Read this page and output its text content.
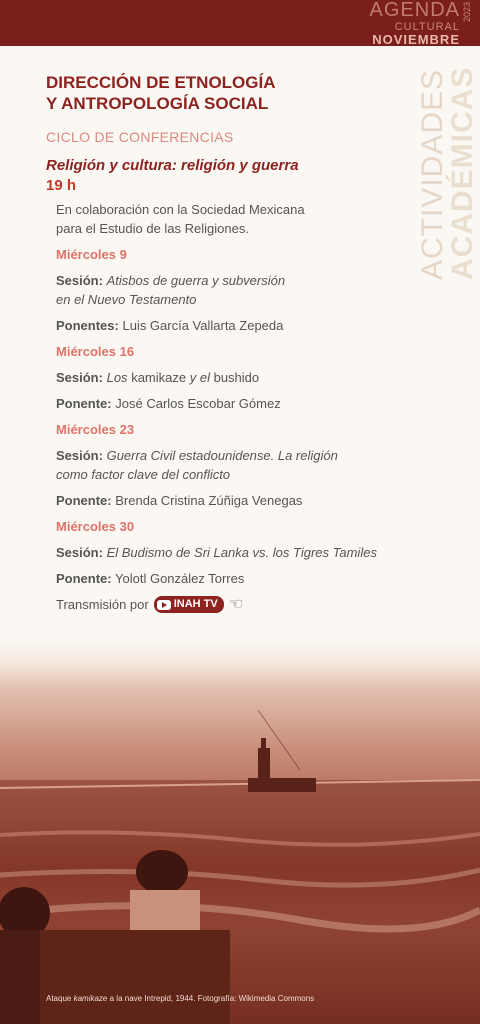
AGENDA
CULTURAL
NOVIEMBRE
2023
ACTIVIDADES ACADÉMICAS
DIRECCIÓN DE ETNOLOGÍA
Y ANTROPOLOGÍA SOCIAL
CICLO DE CONFERENCIAS
Religión y cultura: religión y guerra
19 h
En colaboración con la Sociedad Mexicana
para el Estudio de las Religiones.
Miércoles 9
Sesión: Atisbos de guerra y subversión
en el Nuevo Testamento
Ponentes: Luis García Vallarta Zepeda
Miércoles 16
Sesión: Los kamikaze y el bushido
Ponente: José Carlos Escobar Gómez
Miércoles 23
Sesión: Guerra Civil estadounidense. La religión
como factor clave del conflicto
Ponente: Brenda Cristina Zúñiga Venegas
Miércoles 30
Sesión: El Budismo de Sri Lanka vs. los Tigres Tamiles
Ponente: Yolotl González Torres
Transmisión por INAH TV ☜
Ataque kamikaze a la nave Intrepid, 1944. Fotografía: Wikimedia Commons
